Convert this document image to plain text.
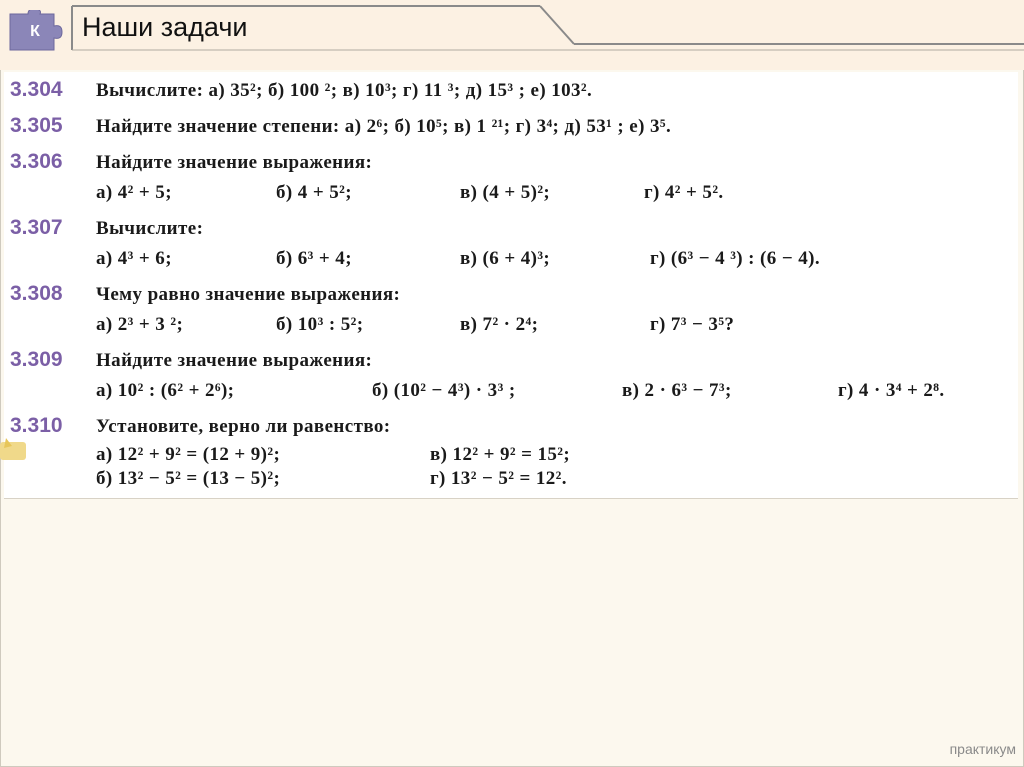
К	Наши задачи
3.304 Вычислите: а) 35²; б) 100 ²; в) 10³; г) 11 ³; д) 15³ ; е) 103².
3.305 Найдите значение степени: а) 2⁶; б) 10⁵; в) 1 ²¹; г) 3⁴; д) 53¹ ; е) 3⁵.
3.306 Найдите значение выражения:
а) 4² + 5;	б) 4 + 5²;	в) (4 + 5)²;	г) 4² + 5².
3.307 Вычислите:
а) 4³ + 6;	б) 6³ + 4;	в) (6 + 4)³;	г) (6³ − 4 ³) : (6 − 4).
3.308 Чему равно значение выражения:
а) 2³ + 3 ²;	б) 10³ : 5²;	в) 7² · 2⁴;	г) 7³ − 3⁵?
3.309 Найдите значение выражения:
а) 10² : (6² + 2⁶);	б) (10² − 4³) · 3³ ;	в) 2 · 6³ − 7³;	г) 4 · 3⁴ + 2⁸.
3.310 Установите, верно ли равенство:
а) 12² + 9² = (12 + 9)²;	в) 12² + 9² = 15²;
б) 13² − 5² = (13 − 5)²;	г) 13² − 5² = 12².
практикум
